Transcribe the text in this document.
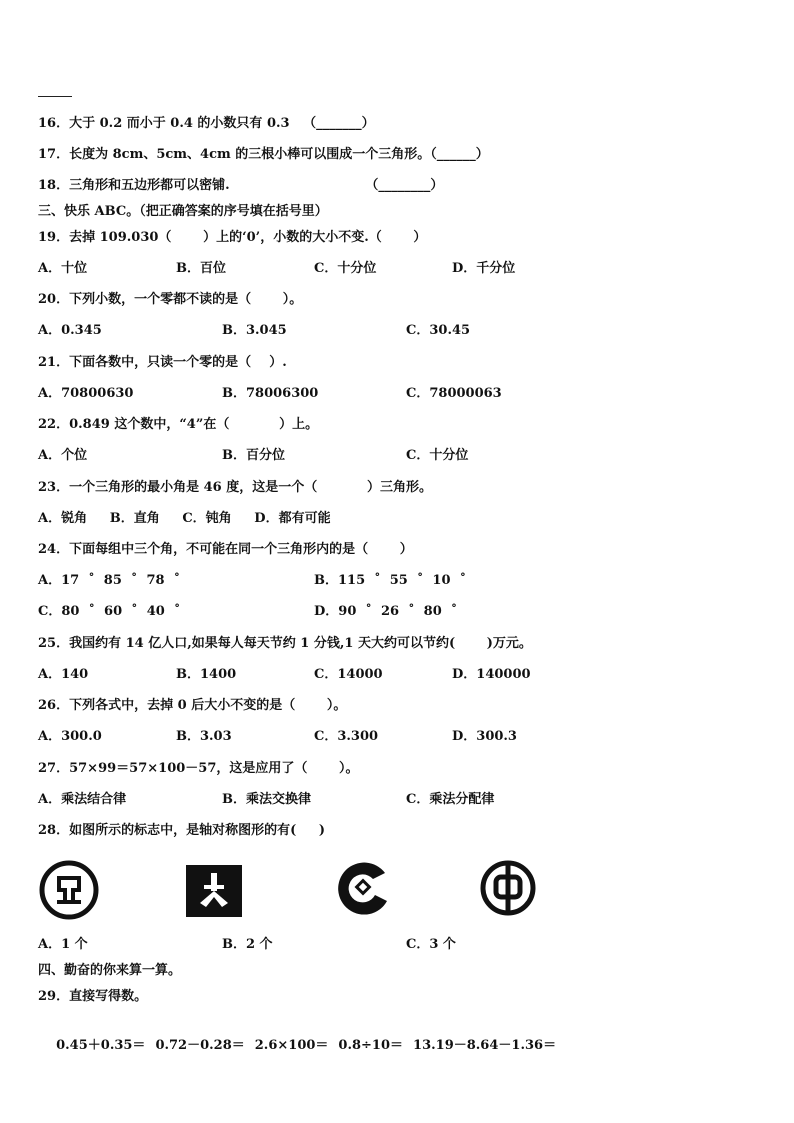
16．大于 0.2 而小于 0.4 的小数只有 0.3   （_______）
17．长度为 8cm、5cm、4cm 的三根小棒可以围成一个三角形。（______）
18．三角形和五边形都可以密铺.                              （________）
三、快乐 ABC。（把正确答案的序号填在括号里）
19．去掉 109.030（       ）上的‘0’，小数的大小不变.（       ）
A．十位	B．百位	C．十分位	D．千分位
20．下列小数，一个零都不读的是（       ）。
A．0.345	B．3.045	C．30.45
21．下面各数中，只读一个零的是（    ）.
A．70800630	B．78006300	C．78000063
22．0.849 这个数中，“4”在（           ）上。
A．个位	B．百分位	C．十分位
23．一个三角形的最小角是 46 度，这是一个（           ）三角形。
A．锐角     B．直角     C．钝角     D．都有可能
24．下面每组中三个角，不可能在同一个三角形内的是（       ）
A．17  ˚  85  ˚  78  ˚	B．115  ˚  55  ˚  10  ˚
C．80  ˚  60  ˚  40  ˚	D．90  ˚  26  ˚  80  ˚
25．我国约有 14 亿人口,如果每人每天节约 1 分钱,1 天大约可以节约(       )万元。
A．140	B．1400	C．14000	D．140000
26．下列各式中，去掉 0 后大小不变的是（       ）。
A．300.0	B．3.03	C．3.300	D．300.3
27．57×99＝57×100－57，这是应用了（       ）。
A．乘法结合律	B．乘法交换律	C．乘法分配律
28．如图所示的标志中，是轴对称图形的有(     )
A．1 个	B．2 个	C．3 个
四、勤奋的你来算一算。
29．直接写得数。

0.45＋0.35＝ 0.72－0.28＝ 2.6×100＝ 0.8÷10＝ 13.19－8.64－1.36＝
